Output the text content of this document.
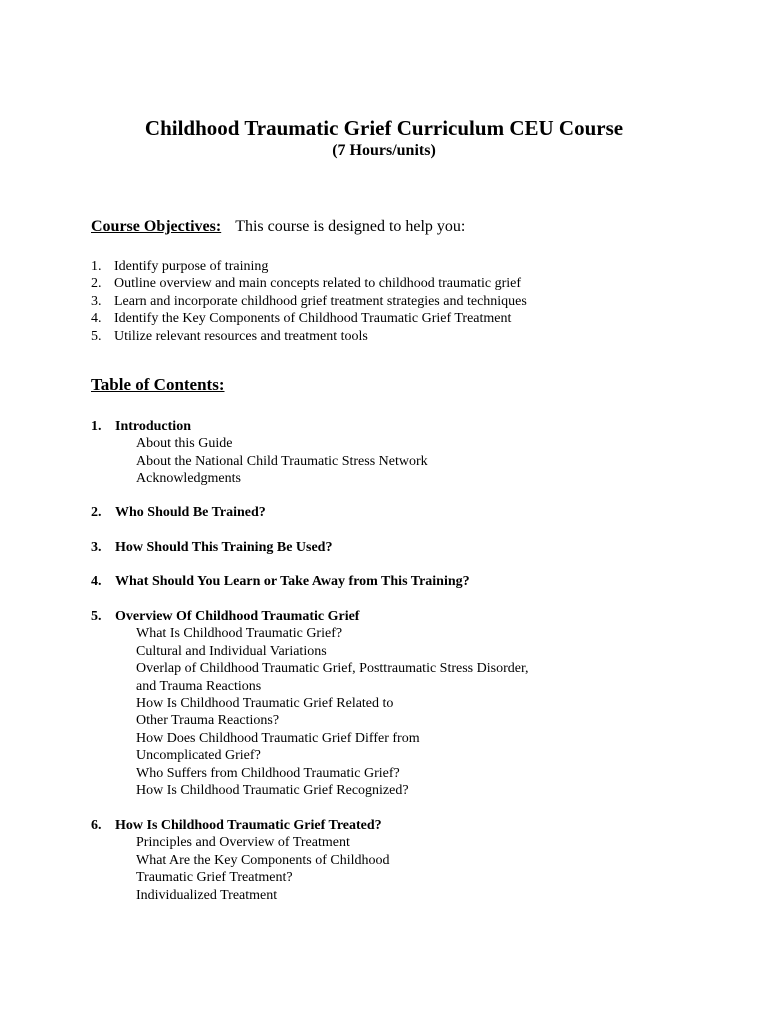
Childhood Traumatic Grief Curriculum CEU Course
(7 Hours/units)
Course Objectives: This course is designed to help you:
1. Identify purpose of training
2. Outline overview and main concepts related to childhood traumatic grief
3. Learn and incorporate childhood grief treatment strategies and techniques
4. Identify the Key Components of Childhood Traumatic Grief Treatment
5. Utilize relevant resources and treatment tools
Table of Contents:
1. Introduction
About this Guide
About the National Child Traumatic Stress Network
Acknowledgments
2. Who Should Be Trained?
3. How Should This Training Be Used?
4. What Should You Learn or Take Away from This Training?
5. Overview Of Childhood Traumatic Grief
What Is Childhood Traumatic Grief?
Cultural and Individual Variations
Overlap of Childhood Traumatic Grief, Posttraumatic Stress Disorder,
and Trauma Reactions
How Is Childhood Traumatic Grief Related to
Other Trauma Reactions?
How Does Childhood Traumatic Grief Differ from
Uncomplicated Grief?
Who Suffers from Childhood Traumatic Grief?
How Is Childhood Traumatic Grief Recognized?
6. How Is Childhood Traumatic Grief Treated?
Principles and Overview of Treatment
What Are the Key Components of Childhood
Traumatic Grief Treatment?
Individualized Treatment
